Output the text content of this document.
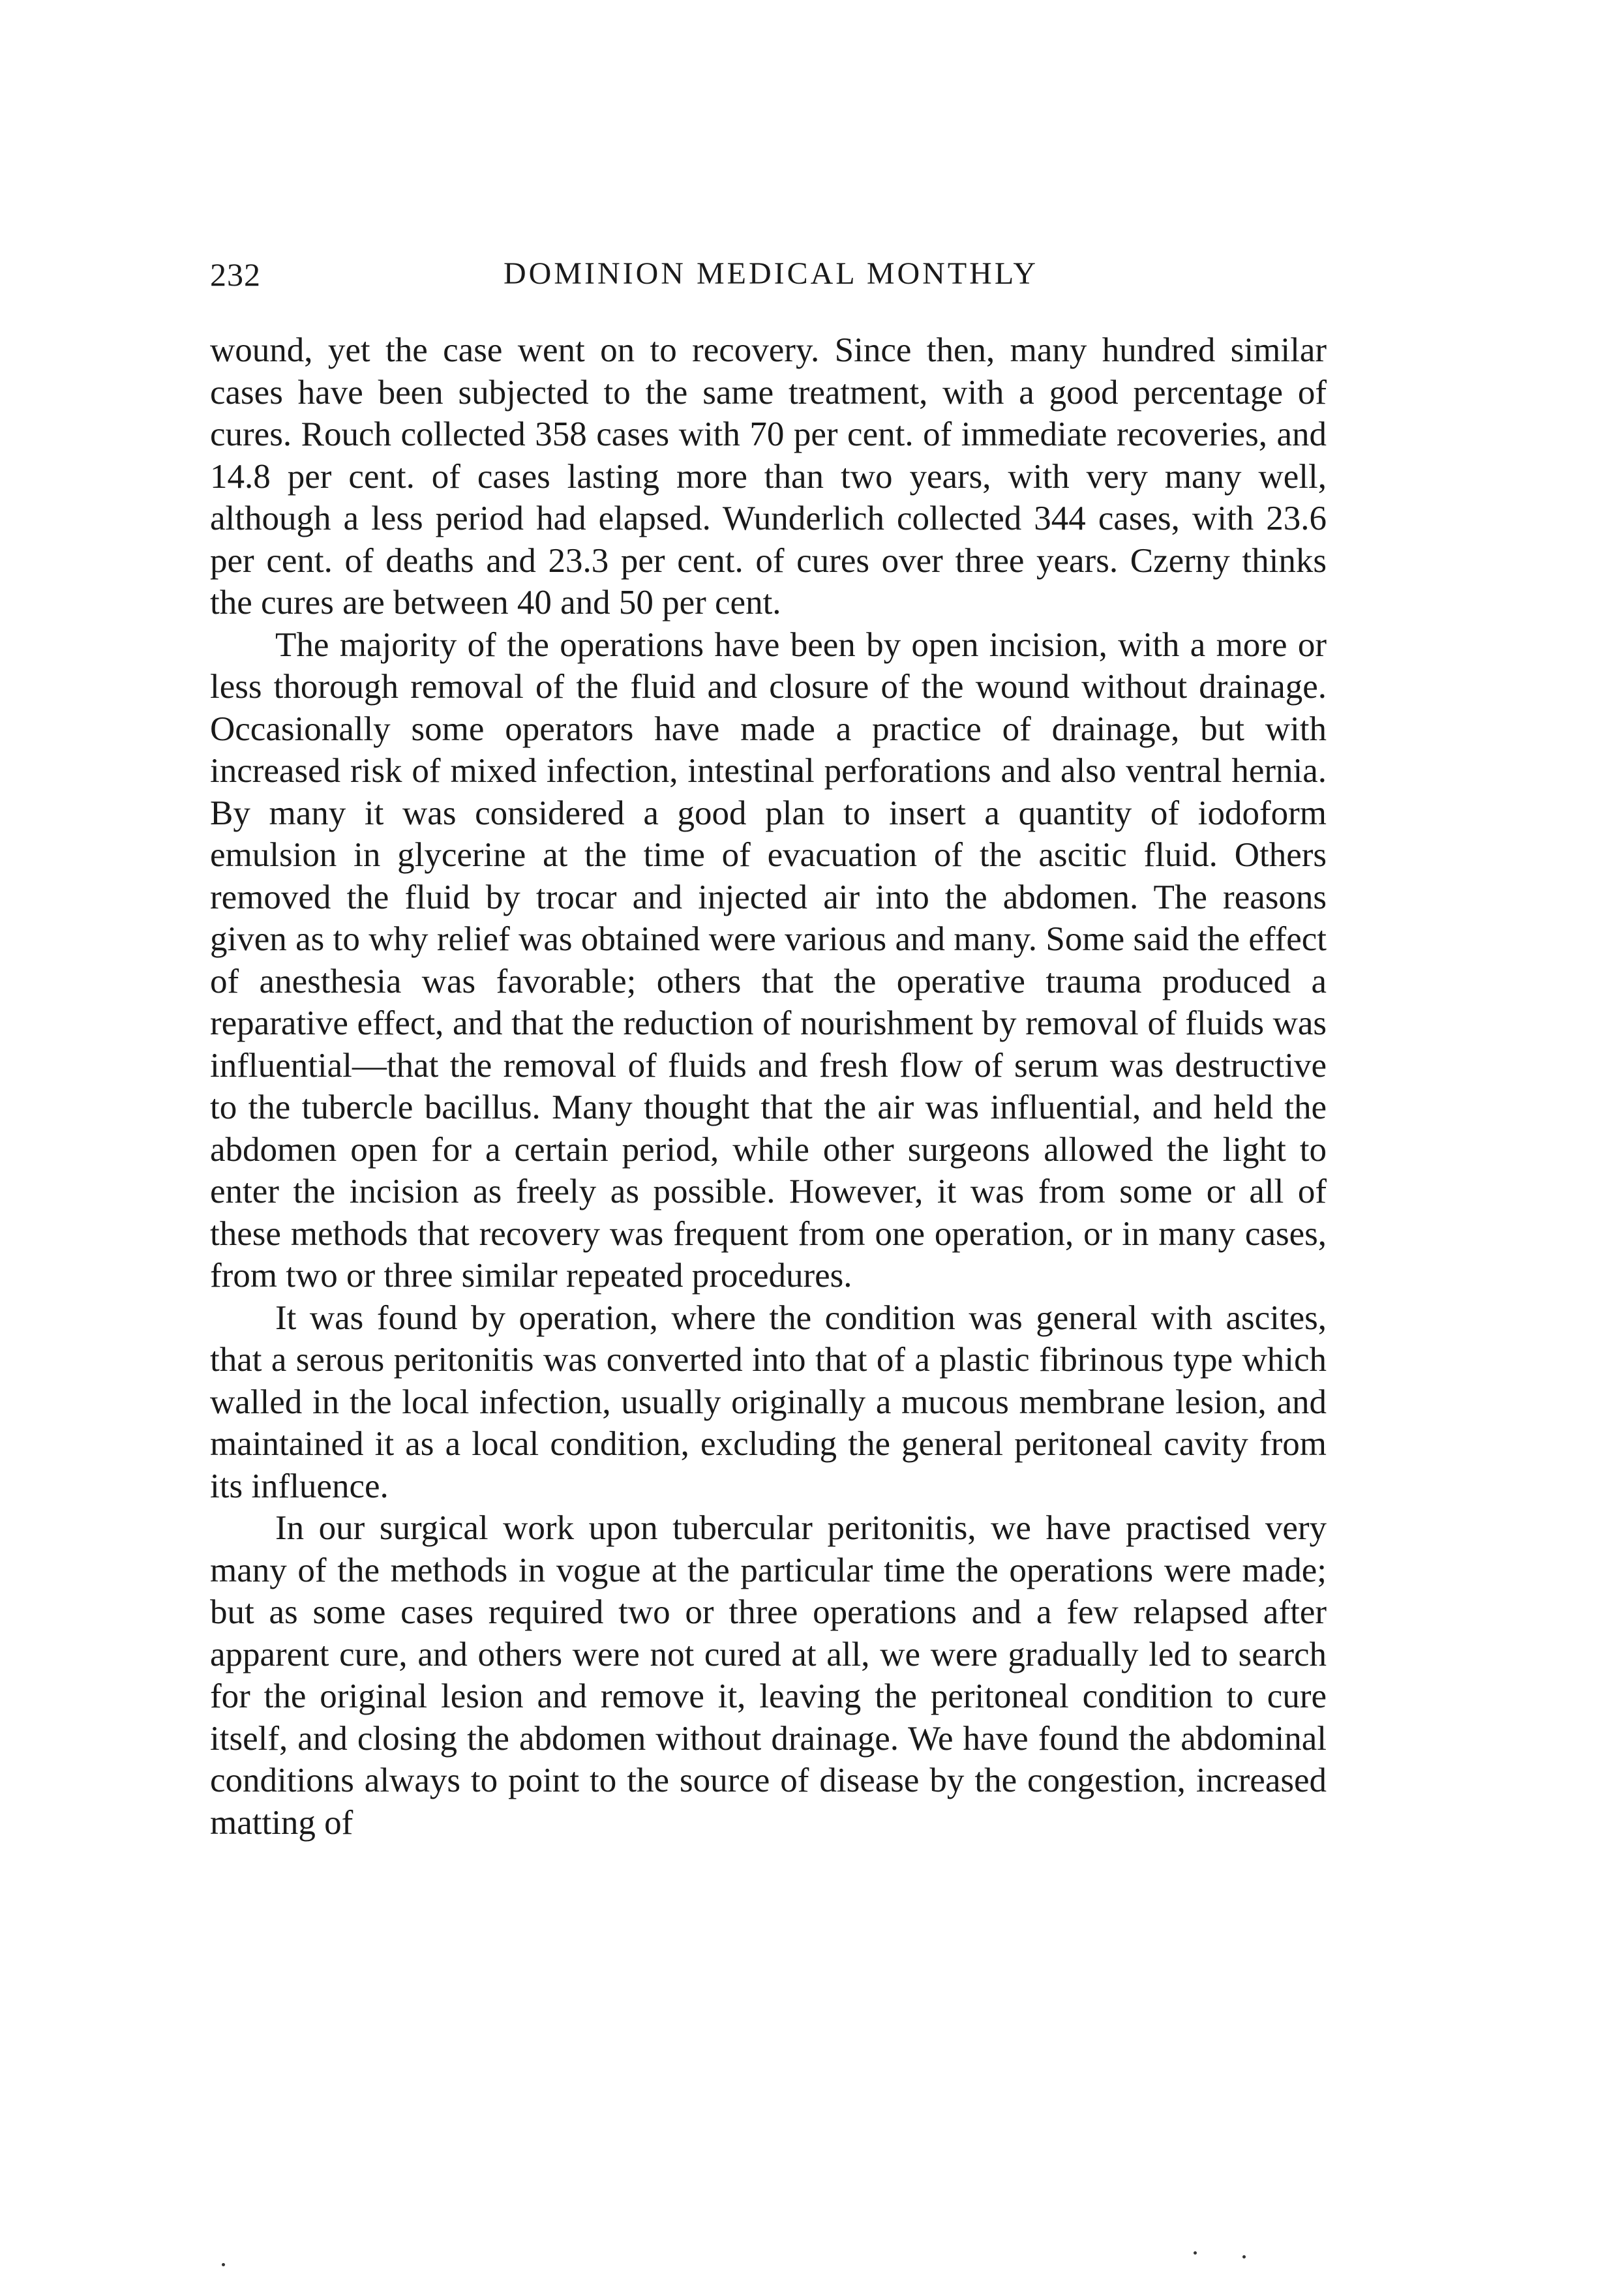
232	DOMINION MEDICAL MONTHLY

wound, yet the case went on to recovery. Since then, many hundred similar cases have been subjected to the same treatment, with a good percentage of cures. Rouch collected 358 cases with 70 per cent. of immediate recoveries, and 14.8 per cent. of cases lasting more than two years, with very many well, although a less period had elapsed. Wunderlich collected 344 cases, with 23.6 per cent. of deaths and 23.3 per cent. of cures over three years. Czerny thinks the cures are between 40 and 50 per cent.

The majority of the operations have been by open incision, with a more or less thorough removal of the fluid and closure of the wound without drainage. Occasionally some operators have made a practice of drainage, but with increased risk of mixed infection, intestinal perforations and also ventral hernia. By many it was considered a good plan to insert a quantity of iodoform emulsion in glycerine at the time of evacuation of the ascitic fluid. Others removed the fluid by trocar and injected air into the abdomen. The reasons given as to why relief was obtained were various and many. Some said the effect of anesthesia was favorable; others that the operative trauma produced a reparative effect, and that the reduction of nourishment by removal of fluids was influential—that the removal of fluids and fresh flow of serum was destructive to the tubercle bacillus. Many thought that the air was influential, and held the abdomen open for a certain period, while other surgeons allowed the light to enter the incision as freely as possible. However, it was from some or all of these methods that recovery was frequent from one operation, or in many cases, from two or three similar repeated procedures.

It was found by operation, where the condition was general with ascites, that a serous peritonitis was converted into that of a plastic fibrinous type which walled in the local infection, usually originally a mucous membrane lesion, and maintained it as a local condition, excluding the general peritoneal cavity from its influence.

In our surgical work upon tubercular peritonitis, we have practised very many of the methods in vogue at the particular time the operations were made; but as some cases required two or three operations and a few relapsed after apparent cure, and others were not cured at all, we were gradually led to search for the original lesion and remove it, leaving the peritoneal condition to cure itself, and closing the abdomen without drainage. We have found the abdominal conditions always to point to the source of disease by the congestion, increased matting of
